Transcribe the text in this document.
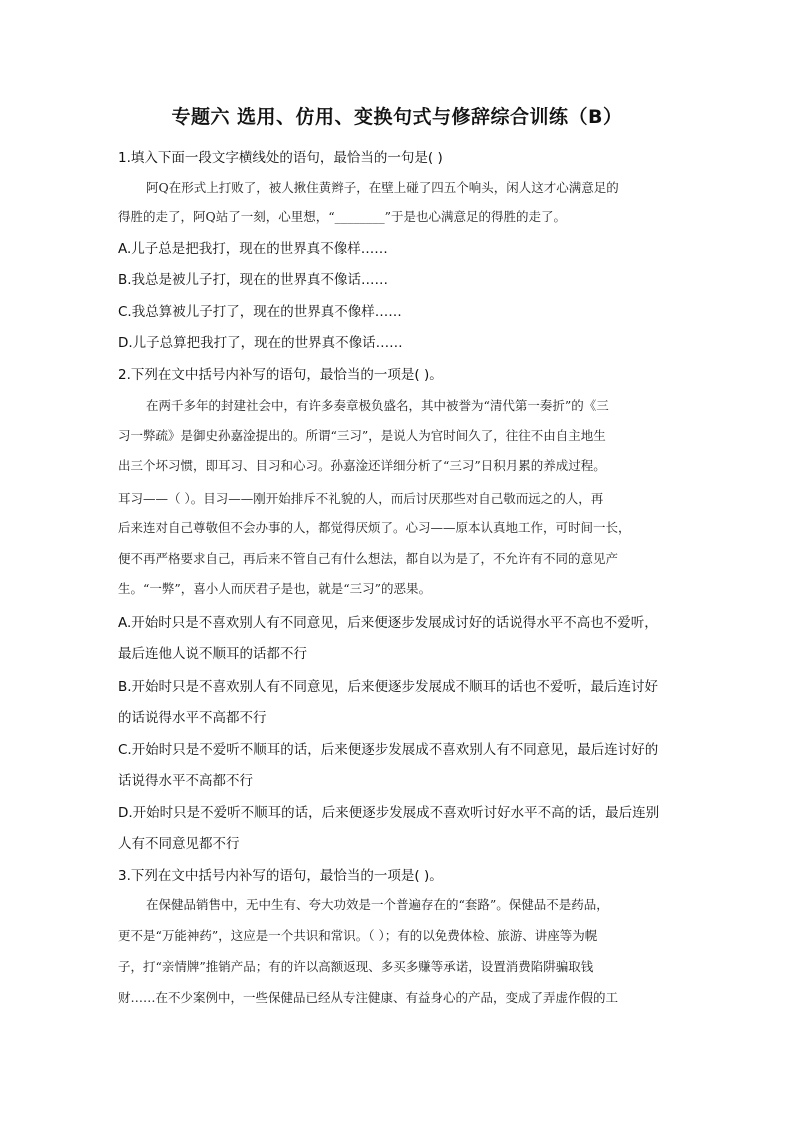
专题六 选用、仿用、变换句式与修辞综合训练（B）
1.填入下面一段文字横线处的语句，最恰当的一句是( )
阿Q在形式上打败了，被人揪住黄辫子，在壁上碰了四五个响头，闲人这才心满意足的
得胜的走了，阿Q站了一刻，心里想，“________”于是也心满意足的得胜的走了。
A.儿子总是把我打，现在的世界真不像样……
B.我总是被儿子打，现在的世界真不像话……
C.我总算被儿子打了，现在的世界真不像样……
D.儿子总算把我打了，现在的世界真不像话……
2.下列在文中括号内补写的语句，最恰当的一项是( )。
在两千多年的封建社会中，有许多奏章极负盛名，其中被誉为“清代第一奏折”的《三
习一弊疏》是御史孙嘉淦提出的。所谓“三习”，是说人为官时间久了，往往不由自主地生
出三个坏习惯，即耳习、目习和心习。孙嘉淦还详细分析了“三习”日积月累的养成过程。
耳习——（ ）。目习——刚开始排斥不礼貌的人，而后讨厌那些对自己敬而远之的人，再
后来连对自己尊敬但不会办事的人，都觉得厌烦了。心习——原本认真地工作，可时间一长，
便不再严格要求自己，再后来不管自己有什么想法，都自以为是了，不允许有不同的意见产
生。“一弊”，喜小人而厌君子是也，就是“三习”的恶果。
A.开始时只是不喜欢别人有不同意见，后来便逐步发展成讨好的话说得水平不高也不爱听，
最后连他人说不顺耳的话都不行
B.开始时只是不喜欢别人有不同意见，后来便逐步发展成不顺耳的话也不爱听，最后连讨好
的话说得水平不高都不行
C.开始时只是不爱听不顺耳的话，后来便逐步发展成不喜欢别人有不同意见，最后连讨好的
话说得水平不高都不行
D.开始时只是不爱听不顺耳的话，后来便逐步发展成不喜欢听讨好水平不高的话，最后连别
人有不同意见都不行
3.下列在文中括号内补写的语句，最恰当的一项是( )。
在保健品销售中，无中生有、夸大功效是一个普遍存在的“套路”。保健品不是药品，
更不是“万能神药”，这应是一个共识和常识。（ ）；有的以免费体检、旅游、讲座等为幌
子，打“亲情牌”推销产品；有的许以高额返现、多买多赚等承诺，设置消费陷阱骗取钱
财……在不少案例中，一些保健品已经从专注健康、有益身心的产品，变成了弄虚作假的工
